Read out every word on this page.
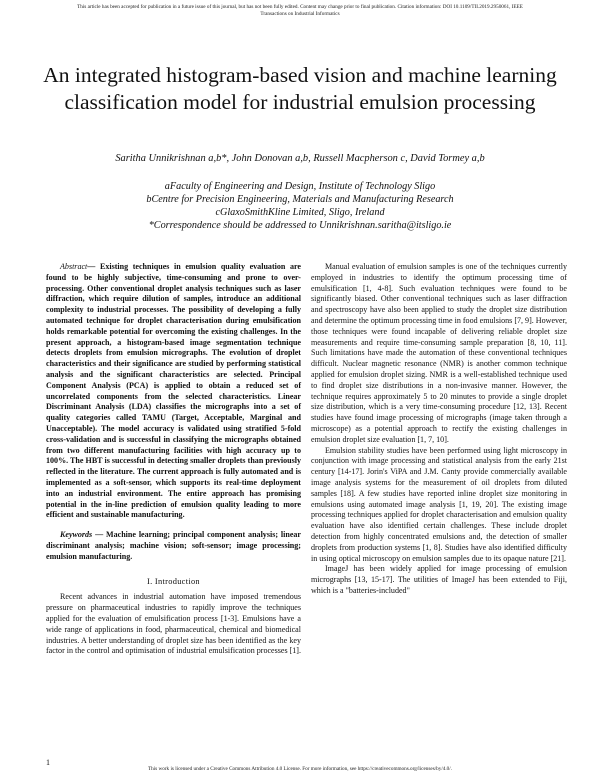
This article has been accepted for publication in a future issue of this journal, but has not been fully edited. Content may change prior to final publication. Citation information: DOI 10.1109/TII.2019.2950061, IEEE
Transactions on Industrial Informatics
An integrated histogram-based vision and machine learning classification model for industrial emulsion processing
Saritha Unnikrishnan a,b*, John Donovan a,b, Russell Macpherson c, David Tormey a,b
aFaculty of Engineering and Design, Institute of Technology Sligo
bCentre for Precision Engineering, Materials and Manufacturing Research
cGlaxoSmithKline Limited, Sligo, Ireland
*Correspondence should be addressed to Unnikrishnan.saritha@itsligo.ie

Abstract— Existing techniques in emulsion quality evaluation are found to be highly subjective, time-consuming and prone to over-processing. Other conventional droplet analysis techniques such as laser diffraction, which require dilution of samples, introduce an additional complexity to industrial processes. The possibility of developing a fully automated technique for droplet characterisation during emulsification holds remarkable potential for overcoming the existing challenges. In the present approach, a histogram-based image segmentation technique detects droplets from emulsion micrographs. The evolution of droplet characteristics and their significance are studied by performing statistical analysis and the significant characteristics are selected. Principal Component Analysis (PCA) is applied to obtain a reduced set of uncorrelated components from the selected characteristics. Linear Discriminant Analysis (LDA) classifies the micrographs into a set of quality categories called TAMU (Target, Acceptable, Marginal and Unacceptable). The model accuracy is validated using stratified 5-fold cross-validation and is successful in classifying the micrographs obtained from two different manufacturing facilities with high accuracy up to 100%. The HBT is successful in detecting smaller droplets than previously reflected in the literature. The current approach is fully automated and is implemented as a soft-sensor, which supports its real-time deployment into an industrial environment. The entire approach has promising potential in the in-line prediction of emulsion quality leading to more efficient and sustainable manufacturing.

Keywords — Machine learning; principal component analysis; linear discriminant analysis; machine vision; soft-sensor; image processing; emulsion manufacturing.

I. Introduction

Recent advances in industrial automation have imposed tremendous pressure on pharmaceutical industries to rapidly improve the techniques applied for the evaluation of emulsification process [1-3]. Emulsions have a wide range of applications in food, pharmaceutical, chemical and biomedical industries. A better understanding of droplet size has been identified as the key factor in the control and optimisation of industrial emulsification processes [1].

Manual evaluation of emulsion samples is one of the techniques currently employed in industries to identify the optimum processing time of emulsification [1, 4-8]. Such evaluation techniques were found to be significantly biased. Other conventional techniques such as laser diffraction and spectroscopy have also been applied to study the droplet size distribution and determine the optimum processing time in food emulsions [7, 9]. However, those techniques were found incapable of delivering reliable droplet size measurements and require time-consuming sample preparation [8, 10, 11]. Such limitations have made the automation of these conventional techniques difficult. Nuclear magnetic resonance (NMR) is another common technique applied for emulsion droplet sizing. NMR is a well-established technique used to find droplet size distributions in a non-invasive manner. However, the technique requires approximately 5 to 20 minutes to provide a single droplet size distribution, which is a very time-consuming procedure [12, 13]. Recent studies have found image processing of micrographs (image taken through a microscope) as a potential approach to rectify the existing challenges in emulsion droplet size evaluation [1, 7, 10].

Emulsion stability studies have been performed using light microscopy in conjunction with image processing and statistical analysis from the early 21st century [14-17]. Jorin's ViPA and J.M. Canty provide commercially available image analysis systems for the measurement of oil droplets from diluted samples [18]. A few studies have reported inline droplet size monitoring in emulsions using automated image analysis [1, 19, 20]. The existing image processing techniques applied for droplet characterisation and emulsion quality evaluation have also identified certain challenges. These include droplet detection from highly concentrated emulsions and, the detection of smaller droplets from production systems [1, 8]. Studies have also identified difficulty in using optical microscopy on emulsion samples due to its opaque nature [21].

ImageJ has been widely applied for image processing of emulsion micrographs [13, 15-17]. The utilities of ImageJ has been extended to Fiji, which is a "batteries-included"

1
This work is licensed under a Creative Commons Attribution 4.0 License. For more information, see https://creativecommons.org/licenses/by/4.0/.
